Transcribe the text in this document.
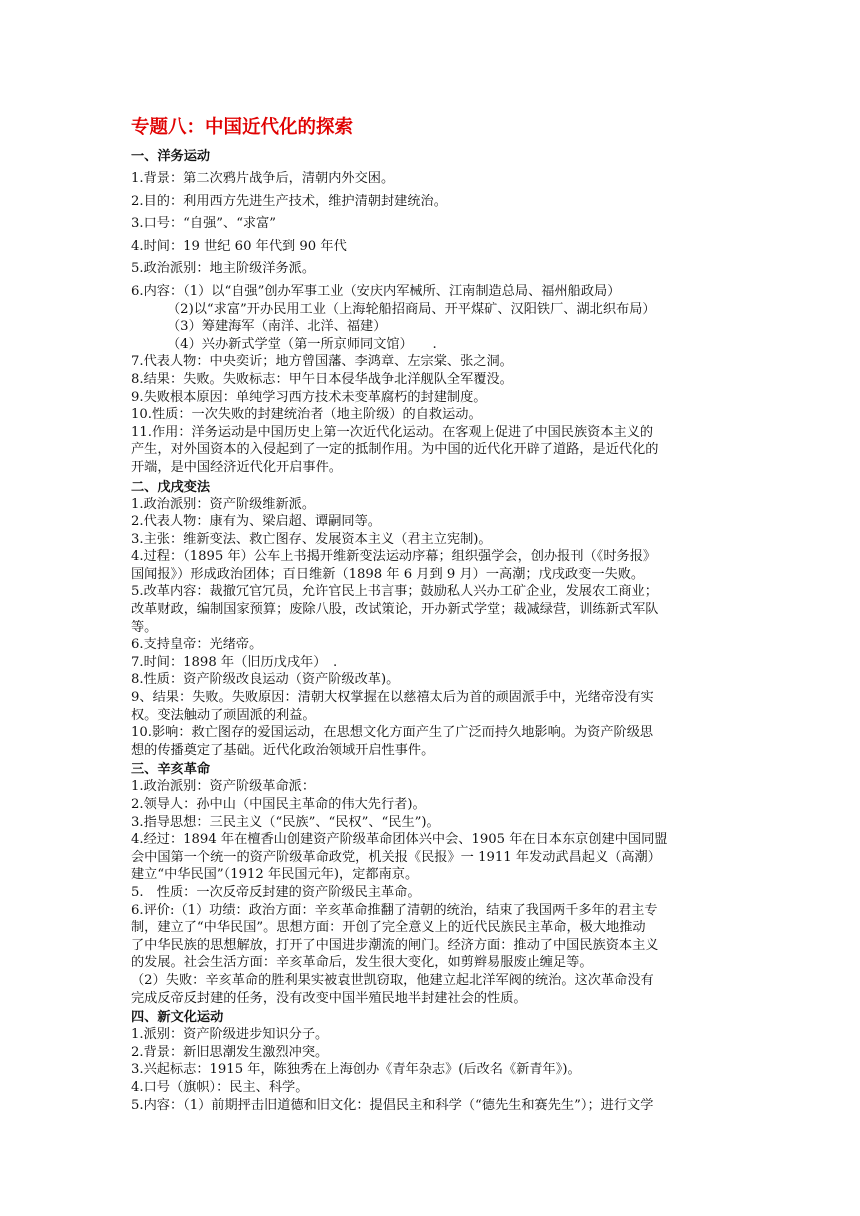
专题八：中国近代化的探索
一、洋务运动
1.背景：第二次鸦片战争后，清朝内外交困。
2.目的：利用西方先进生产技术，维护清朝封建统治。
3.口号：“自强”、“求富”
4.时间：19 世纪 60 年代到 90 年代
5.政治派别：地主阶级洋务派。
6.内容：（1）以“自强”创办军事工业（安庆内军械所、江南制造总局、福州船政局）
（2)以“求富”开办民用工业（上海轮船招商局、开平煤矿、汉阳铁厂、湖北织布局）
（3）筹建海军（南洋、北洋、福建）
（4）兴办新式学堂（第一所京师同文馆）　　.
7.代表人物：中央奕䜣；地方曾国藩、李鸿章、左宗棠、张之洞。
8.结果：失败。失败标志：甲午日本侵华战争北洋舰队全军覆没。
9.失败根本原因：单纯学习西方技术未变革腐朽的封建制度。
10.性质：一次失败的封建统治者（地主阶级）的自救运动。
11.作用：洋务运动是中国历史上第一次近代化运动。在客观上促进了中国民族资本主义的
产生，对外国资本的入侵起到了一定的抵制作用。为中国的近代化开辟了道路，是近代化的
开端，是中国经济近代化开启事件。
二、戊戌变法
1.政治派别：资产阶级维新派。
2.代表人物：康有为、梁启超、谭嗣同等。
3.主张：维新变法、救亡图存、发展资本主义（君主立宪制)。
4.过程：（1895 年）公车上书揭开维新变法运动序幕；组织强学会，创办报刊（《时务报》
国闻报》）形成政治团体；百日维新（1898 年 6 月到 9 月）一高潮；戊戌政变一失败。
5.改革内容：裁撤冗官冗员，允许官民上书言事；鼓励私人兴办工矿企业，发展农工商业；
改革财政，编制国家预算；废除八股，改试策论，开办新式学堂；裁减绿营，训练新式军队
等。
6.支持皇帝：光绪帝。
7.时间：1898 年（旧历戊戌年）　.
8.性质：资产阶级改良运动（资产阶级改革)。
9、结果：失败。失败原因：清朝大权掌握在以慈禧太后为首的顽固派手中，光绪帝没有实
权。变法触动了顽固派的利益。
10.影响：救亡图存的爱国运动，在思想文化方面产生了广泛而持久地影响。为资产阶级思
想的传播奠定了基础。近代化政治领域开启性事件。
三、辛亥革命
1.政治派别：资产阶级革命派：
2.领导人：孙中山（中国民主革命的伟大先行者)。
3.指导思想：三民主义（“民族”、“民权”、“民生”)。
4.经过：1894 年在檀香山创建资产阶级革命团体兴中会、1905 年在日本东京创建中国同盟
会中国第一个统一的资产阶级革命政党，机关报《民报》一 1911 年发动武昌起义（高潮）
建立“中华民国”（1912 年民国元年)，定都南京。
5.　性质：一次反帝反封建的资产阶级民主革命。
6.评价:（1）功绩：政治方面：辛亥革命推翻了清朝的统治，结束了我国两千多年的君主专
制，建立了“中华民国”。思想方面：开创了完全意义上的近代民族民主革命，极大地推动
了中华民族的思想解放，打开了中国进步潮流的闸门。经济方面：推动了中国民族资本主义
的发展。社会生活方面：辛亥革命后，发生很大变化，如剪辫易服废止缠足等。
（2）失败：辛亥革命的胜利果实被袁世凯窃取，他建立起北洋军阀的统治。这次革命没有
完成反帝反封建的任务，没有改变中国半殖民地半封建社会的性质。
四、新文化运动
1.派别：资产阶级进步知识分子。
2.背景：新旧思潮发生激烈冲突。
3.兴起标志：1915 年，陈独秀在上海创办《青年杂志》(后改名《新青年》)。
4.口号（旗帜）：民主、科学。
5.内容：（1）前期抨击旧道德和旧文化：提倡民主和科学（“德先生和赛先生”）；进行文学
